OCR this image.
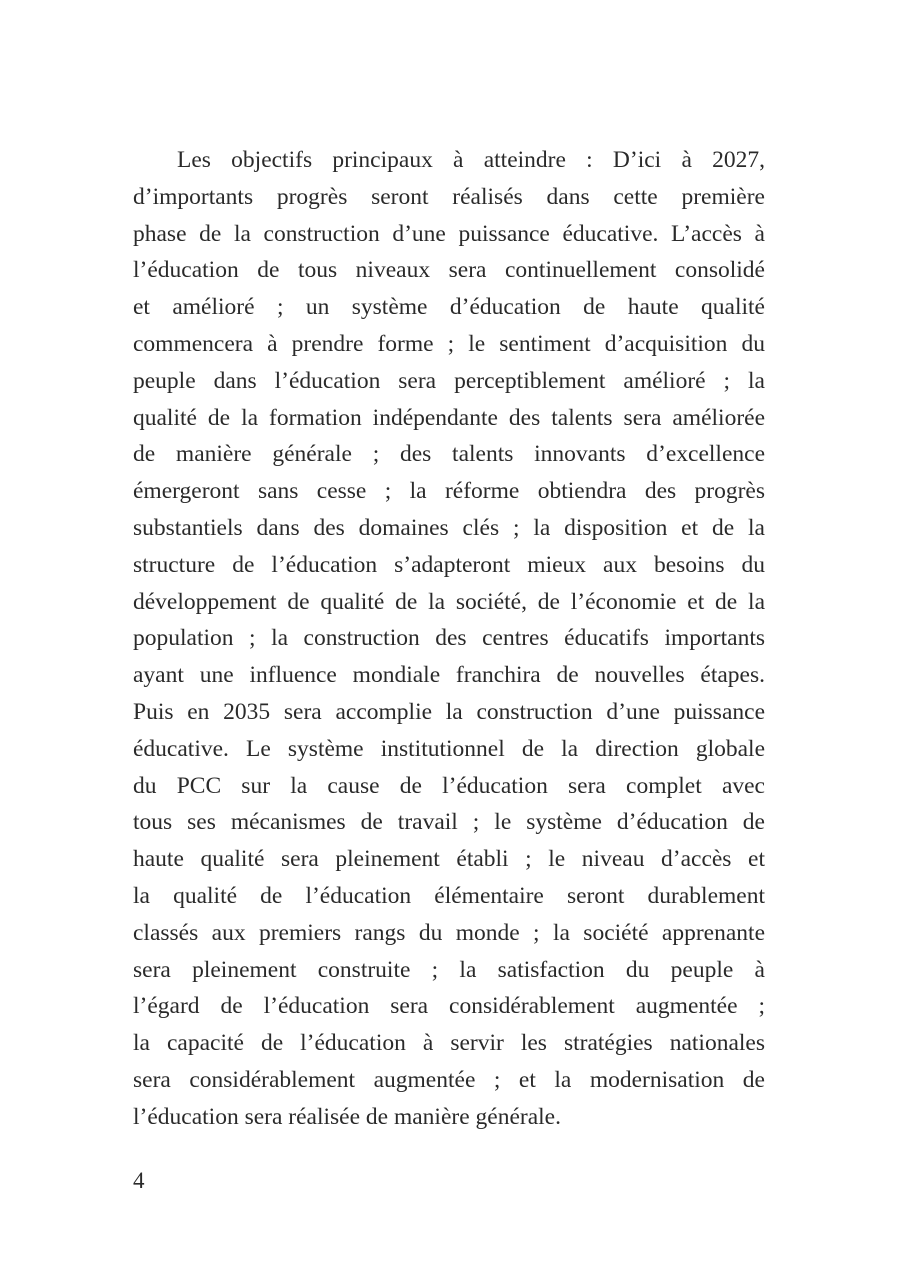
Les objectifs principaux à atteindre : D’ici à 2027,
d’importants progrès seront réalisés dans cette première
phase de la construction d’une puissance éducative. L’accès à
l’éducation de tous niveaux sera continuellement consolidé
et amélioré ; un système d’éducation de haute qualité
commencera à prendre forme ; le sentiment d’acquisition du
peuple dans l’éducation sera perceptiblement amélioré ; la
qualité de la formation indépendante des talents sera améliorée
de manière générale ; des talents innovants d’excellence
émergeront sans cesse ; la réforme obtiendra des progrès
substantiels dans des domaines clés ; la disposition et de la
structure de l’éducation s’adapteront mieux aux besoins du
développement de qualité de la société, de l’économie et de la
population ; la construction des centres éducatifs importants
ayant une influence mondiale franchira de nouvelles étapes.
Puis en 2035 sera accomplie la construction d’une puissance
éducative. Le système institutionnel de la direction globale
du PCC sur la cause de l’éducation sera complet avec
tous ses mécanismes de travail ; le système d’éducation de
haute qualité sera pleinement établi ; le niveau d’accès et
la qualité de l’éducation élémentaire seront durablement
classés aux premiers rangs du monde ; la société apprenante
sera pleinement construite ; la satisfaction du peuple à
l’égard de l’éducation sera considérablement augmentée ;
la capacité de l’éducation à servir les stratégies nationales
sera considérablement augmentée ; et la modernisation de
l’éducation sera réalisée de manière générale.
4
